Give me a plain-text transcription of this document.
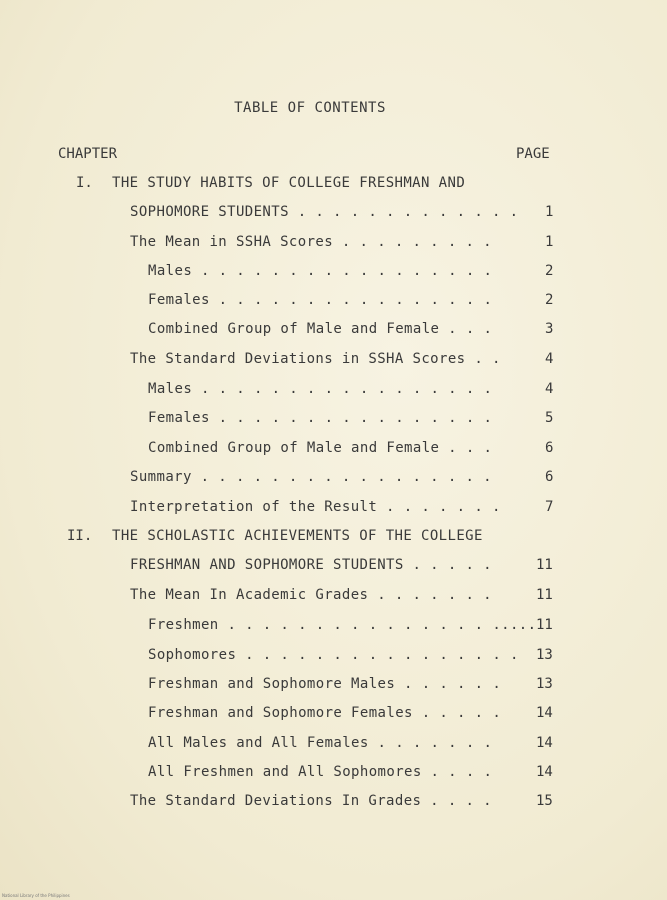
TABLE OF CONTENTS
CHAPTER	PAGE
I. THE STUDY HABITS OF COLLEGE FRESHMAN AND
SOPHOMORE STUDENTS . . . . . . . . . . . . . 1
The Mean in SSHA Scores . . . . . . . . .	1
Males . . . . . . . . . . . . . . . . .	2
Females . . . . . . . . . . . . . . . .	2
Combined Group of Male and Female . . .	3
The Standard Deviations in SSHA Scores . .	4
Males . . . . . . . . . . . . . . . . .	4
Females . . . . . . . . . . . . . . . .	5
Combined Group of Male and Female . . .	6
Summary . . . . . . . . . . . . . . . . .	6
Interpretation of the Result . . . . . . .	7
II. THE SCHOLASTIC ACHIEVEMENTS OF THE COLLEGE
FRESHMAN AND SOPHOMORE STUDENTS . . . . .	11
The Mean In Academic Grades . . . . . . .	11
Freshmen . . . . . . . . . . . . . . . ..... 11
Sophomores . . . . . . . . . . . . . . . . 13
Freshman and Sophomore Males . . . . . . 13
Freshman and Sophomore Females . . . . . 14
All Males and All Females . . . . . . .	14
All Freshmen and All Sophomores . . . .	14
The Standard Deviations In Grades . . . .	15
National Library of the Philippines
